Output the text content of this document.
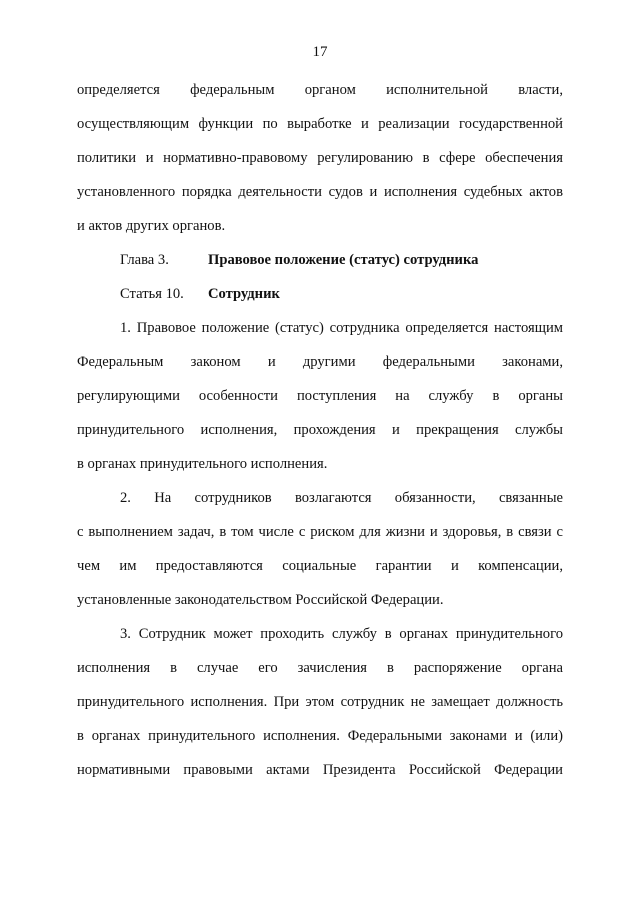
17
определяется федеральным органом исполнительной власти,
осуществляющим функции по выработке и реализации государственной
политики и нормативно-правовому регулированию в сфере обеспечения
установленного порядка деятельности судов и исполнения судебных актов
и актов других органов.
Глава 3.	Правовое положение (статус) сотрудника
Статья 10. Сотрудник
1. Правовое положение (статус) сотрудника определяется настоящим
Федеральным законом и другими федеральными законами,
регулирующими особенности поступления на службу в органы
принудительного исполнения, прохождения и прекращения службы
в органах принудительного исполнения.
2. На сотрудников возлагаются обязанности, связанные
с выполнением задач, в том числе с риском для жизни и здоровья, в связи с
чем им предоставляются социальные гарантии и компенсации,
установленные законодательством Российской Федерации.
3. Сотрудник может проходить службу в органах принудительного
исполнения в случае его зачисления в распоряжение органа
принудительного исполнения. При этом сотрудник не замещает должность
в органах принудительного исполнения. Федеральными законами и (или)
нормативными правовыми актами Президента Российской Федерации
